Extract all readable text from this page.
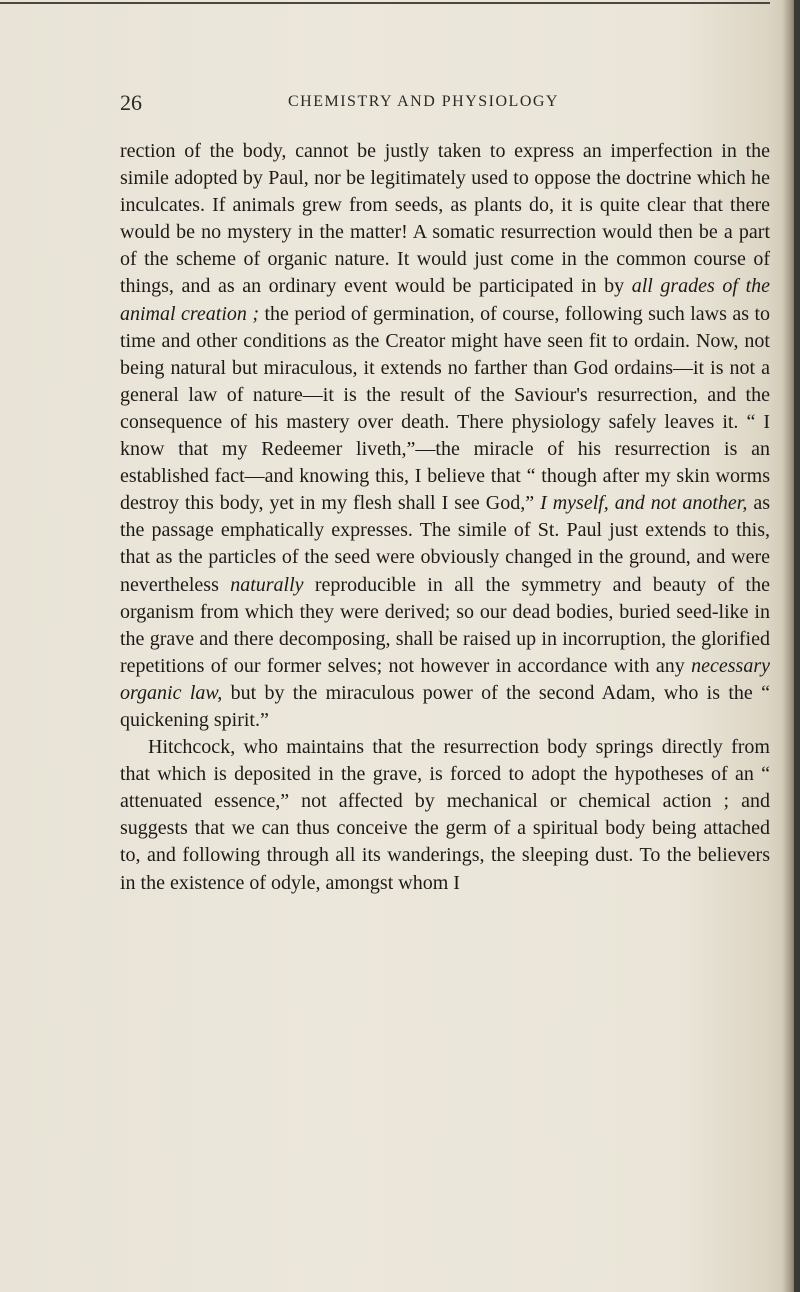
26	CHEMISTRY AND PHYSIOLOGY

rection of the body, cannot be justly taken to express an imperfection in the simile adopted by Paul, nor be legitimately used to oppose the doctrine which he inculcates. If animals grew from seeds, as plants do, it is quite clear that there would be no mystery in the matter! A somatic resurrection would then be a part of the scheme of organic nature. It would just come in the common course of things, and as an ordinary event would be participated in by all grades of the animal creation ; the period of germination, of course, following such laws as to time and other conditions as the Creator might have seen fit to ordain. Now, not being natural but miraculous, it extends no farther than God ordains—it is not a general law of nature—it is the result of the Saviour's resurrection, and the consequence of his mastery over death. There physiology safely leaves it. “ I know that my Redeemer liveth,”—the miracle of his resurrection is an established fact—and knowing this, I believe that “ though after my skin worms destroy this body, yet in my flesh shall I see God,” I myself, and not another, as the passage emphatically expresses. The simile of St. Paul just extends to this, that as the particles of the seed were obviously changed in the ground, and were nevertheless naturally reproducible in all the symmetry and beauty of the organism from which they were derived; so our dead bodies, buried seed-like in the grave and there decomposing, shall be raised up in incorruption, the glorified repetitions of our former selves; not however in accordance with any necessary organic law, but by the miraculous power of the second Adam, who is the “ quickening spirit.”

Hitchcock, who maintains that the resurrection body springs directly from that which is deposited in the grave, is forced to adopt the hypotheses of an “ attenuated essence,” not affected by mechanical or chemical action ; and suggests that we can thus conceive the germ of a spiritual body being attached to, and following through all its wanderings, the sleeping dust. To the believers in the existence of odyle, amongst whom I
